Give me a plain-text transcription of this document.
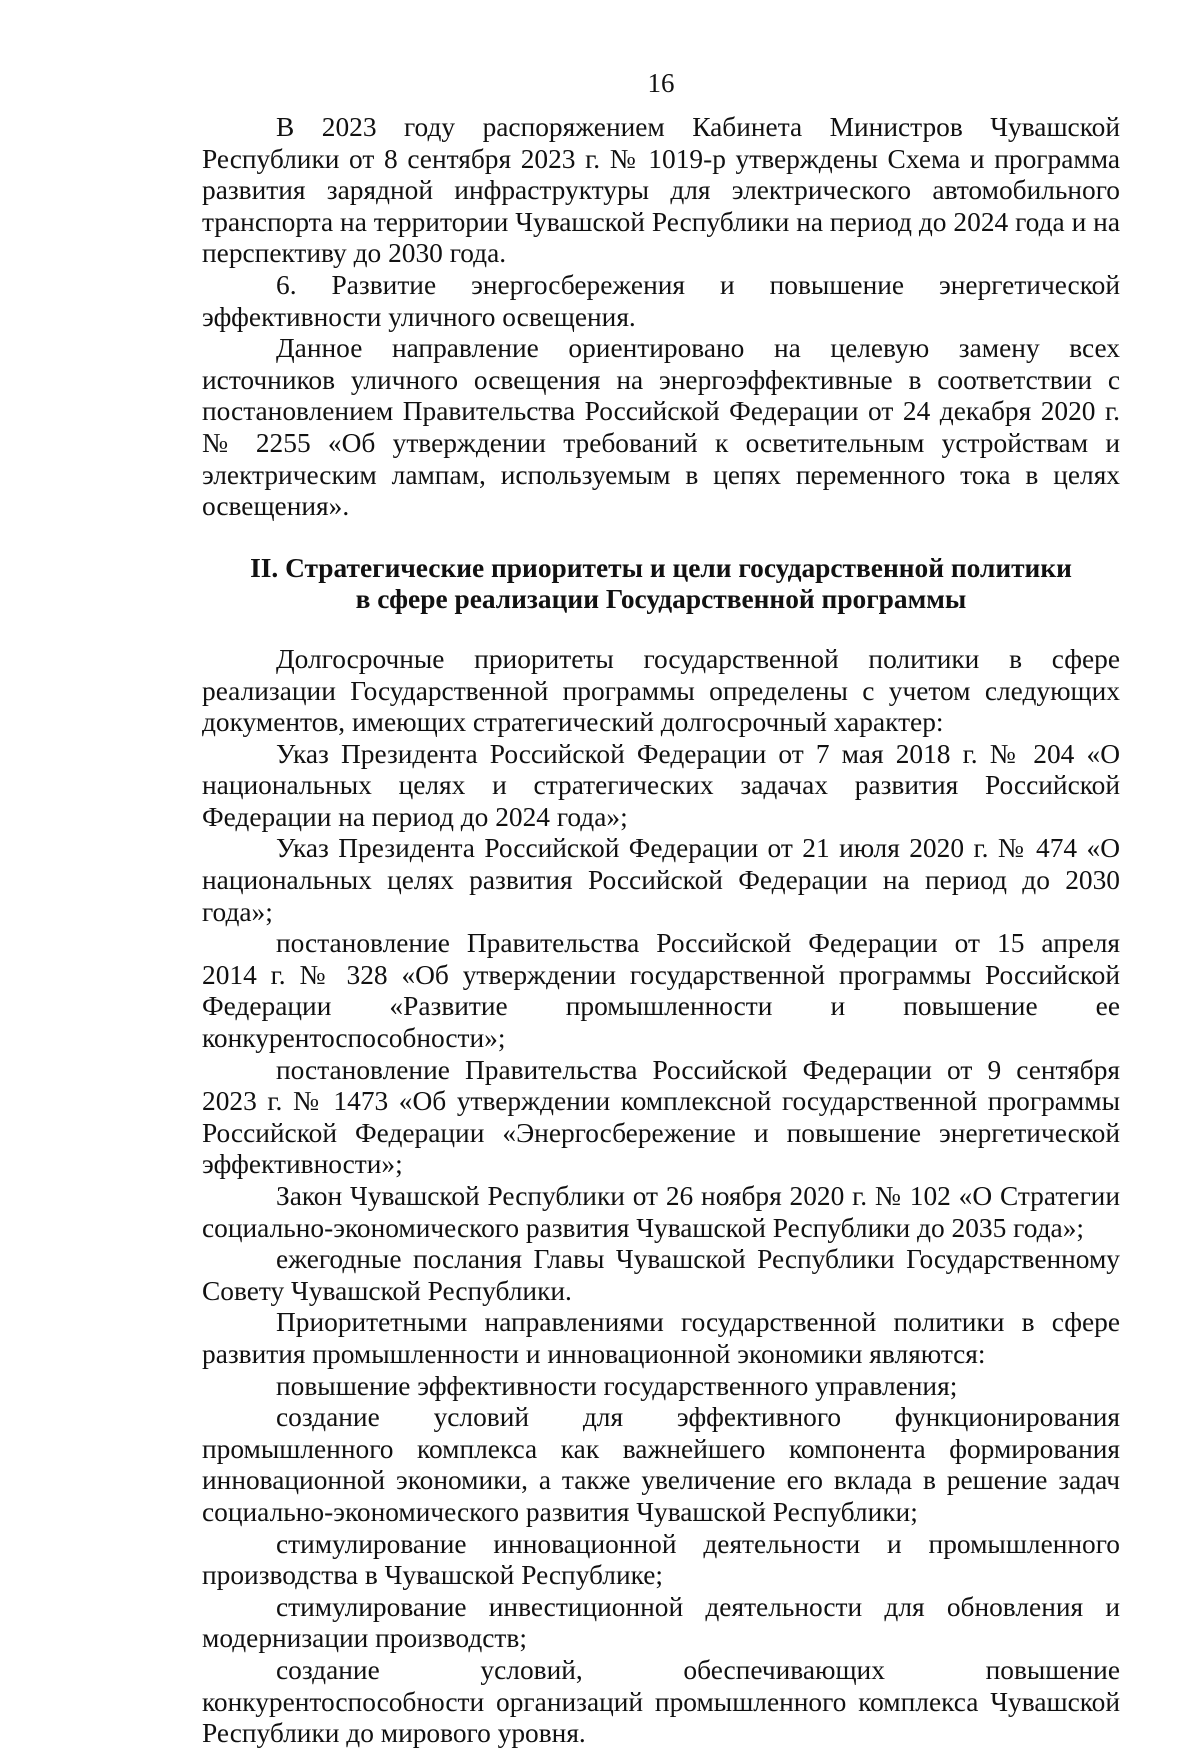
16

В 2023 году распоряжением Кабинета Министров Чувашской Республики от 8 сентября 2023 г. № 1019-р утверждены Схема и программа развития зарядной инфраструктуры для электрического автомобильного транспорта на территории Чувашской Республики на период до 2024 года и на перспективу до 2030 года.

6. Развитие энергосбережения и повышение энергетической эффективности уличного освещения.

Данное направление ориентировано на целевую замену всех источников уличного освещения на энергоэффективные в соответствии с постановлением Правительства Российской Федерации от 24 декабря 2020 г. № 2255 «Об утверждении требований к осветительным устройствам и электрическим лампам, используемым в цепях переменного тока в целях освещения».

II. Стратегические приоритеты и цели государственной политики

в сфере реализации Государственной программы

Долгосрочные приоритеты государственной политики в сфере реализации Государственной программы определены с учетом следующих документов, имеющих стратегический долгосрочный характер:

Указ Президента Российской Федерации от 7 мая 2018 г. № 204 «О национальных целях и стратегических задачах развития Российской Федерации на период до 2024 года»;

Указ Президента Российской Федерации от 21 июля 2020 г. № 474 «О национальных целях развития Российской Федерации на период до 2030 года»;

постановление Правительства Российской Федерации от 15 апреля 2014 г. № 328 «Об утверждении государственной программы Российской Федерации «Развитие промышленности и повышение ее конкурентоспособности»;

постановление Правительства Российской Федерации от 9 сентября 2023 г. № 1473 «Об утверждении комплексной государственной программы Российской Федерации «Энергосбережение и повышение энергетической эффективности»;

Закон Чувашской Республики от 26 ноября 2020 г. № 102 «О Стратегии социально-экономического развития Чувашской Республики до 2035 года»;

ежегодные послания Главы Чувашской Республики Государственному Совету Чувашской Республики.

Приоритетными направлениями государственной политики в сфере развития промышленности и инновационной экономики являются:

повышение эффективности государственного управления;

создание условий для эффективного функционирования промышленного комплекса как важнейшего компонента формирования инновационной экономики, а также увеличение его вклада в решение задач социально-экономического развития Чувашской Республики;

стимулирование инновационной деятельности и промышленного производства в Чувашской Республике;

стимулирование инвестиционной деятельности для обновления и модернизации производств;

создание условий, обеспечивающих повышение конкурентоспособности организаций промышленного комплекса Чувашской Республики до мирового уровня.
